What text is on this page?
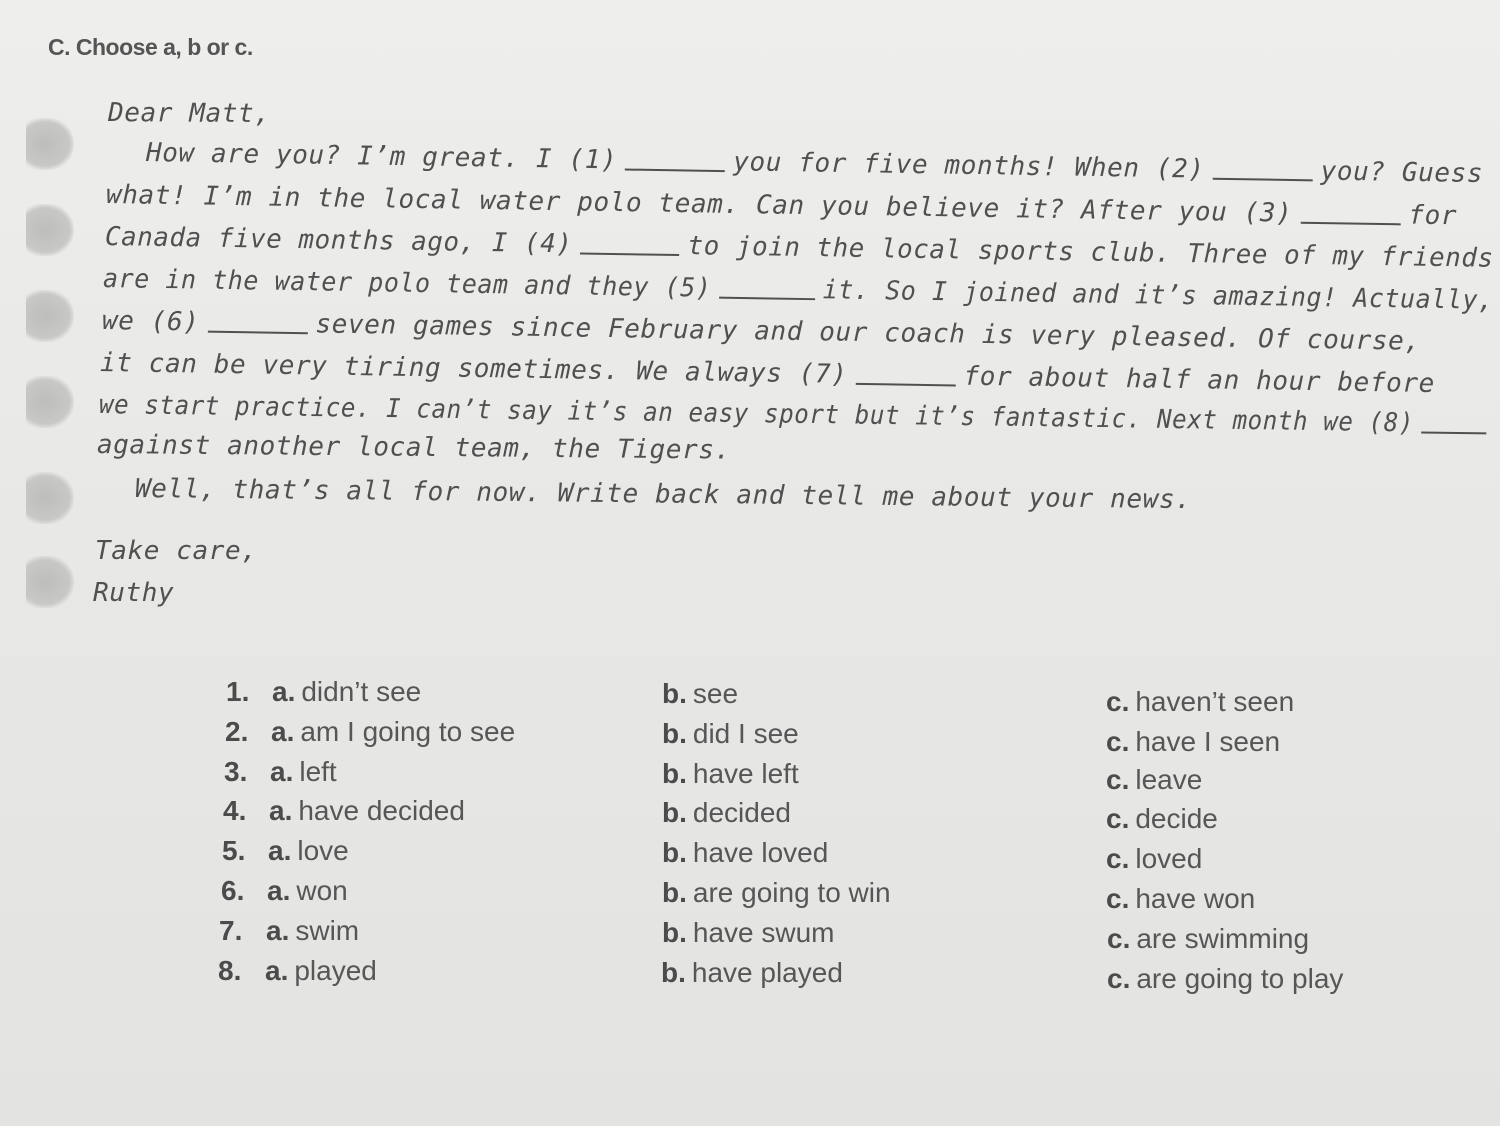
C. Choose a, b or c.
Dear Matt,
How are you? I’m great. I (1)	you for five months! When (2)	you? Guess
what! I’m in the local water polo team. Can you believe it? After you (3)	for
Canada five months ago, I (4)	to join the local sports club. Three of my friends
are in the water polo team and they (5)	it. So I joined and it’s amazing! Actually,
we (6)	seven games since February and our coach is very pleased. Of course,
it can be very tiring sometimes. We always (7)	for about half an hour before
we start practice. I can’t say it’s an easy sport but it’s fantastic. Next month we (8)
against another local team, the Tigers.
Well, that’s all for now. Write back and tell me about your news.
Take care,
Ruthy
1. a. didn’t see	b. see	c. haven’t seen
2. a. am I going to see	b. did I see	c. have I seen
3. a. left	b. have left	c. leave
4. a. have decided	b. decided	c. decide
5. a. love	b. have loved	c. loved
6. a. won	b. are going to win	c. have won
7. a. swim	b. have swum	c. are swimming
8. a. played	b. have played	c. are going to play
